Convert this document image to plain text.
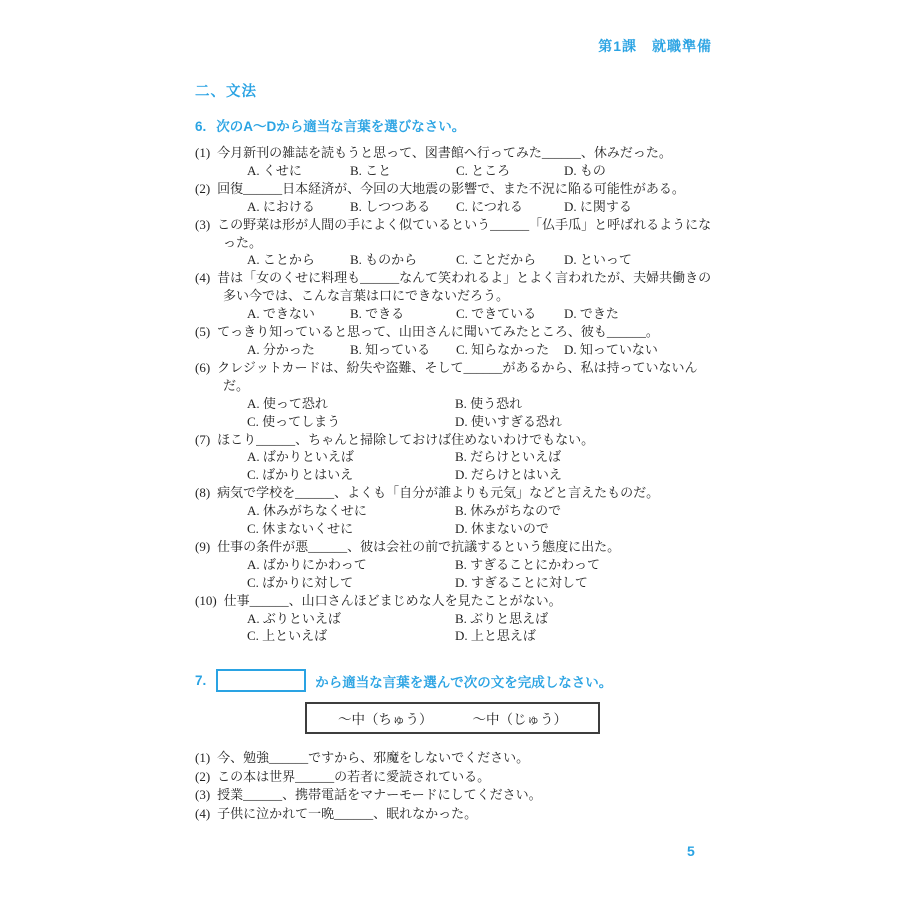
第1課　就職準備
二、文法
6. 次のA〜Dから適当な言葉を選びなさい。
(1) 今月新刊の雑誌を読もうと思って、図書館へ行ってみた______、休みだった。
A. くせに	B. こと	C. ところ	D. もの
(2) 回復______日本経済が、今回の大地震の影響で、また不況に陥る可能性がある。
A. における	B. しつつある	C. につれる	D. に関する
(3) この野菜は形が人間の手によく似ているという______「仏手瓜」と呼ばれるようになった。
A. ことから	B. ものから	C. ことだから	D. といって
(4) 昔は「女のくせに料理も______なんて笑われるよ」とよく言われたが、夫婦共働きの多い今では、こんな言葉は口にできないだろう。
A. できない	B. できる	C. できている	D. できた
(5) てっきり知っていると思って、山田さんに聞いてみたところ、彼も______。
A. 分かった	B. 知っている	C. 知らなかった	D. 知っていない
(6) クレジットカードは、紛失や盗難、そして______があるから、私は持っていないんだ。
A. 使って恐れ	B. 使う恐れ
C. 使ってしまう	D. 使いすぎる恐れ
(7) ほこり______、ちゃんと掃除しておけば住めないわけでもない。
A. ばかりといえば	B. だらけといえば
C. ばかりとはいえ	D. だらけとはいえ
(8) 病気で学校を______、よくも「自分が誰よりも元気」などと言えたものだ。
A. 休みがちなくせに	B. 休みがちなので
C. 休まないくせに	D. 休まないので
(9) 仕事の条件が悪______、彼は会社の前で抗議するという態度に出た。
A. ばかりにかわって	B. すぎることにかわって
C. ばかりに対して	D. すぎることに対して
(10) 仕事______、山口さんほどまじめな人を見たことがない。
A. ぶりといえば	B. ぶりと思えば
C. 上といえば	D. 上と思えば
7.	から適当な言葉を選んで次の文を完成しなさい。
〜中（ちゅう）	〜中（じゅう）
(1) 今、勉強______ですから、邪魔をしないでください。
(2) この本は世界______の若者に愛読されている。
(3) 授業______、携帯電話をマナーモードにしてください。
(4) 子供に泣かれて一晩______、眠れなかった。
5
